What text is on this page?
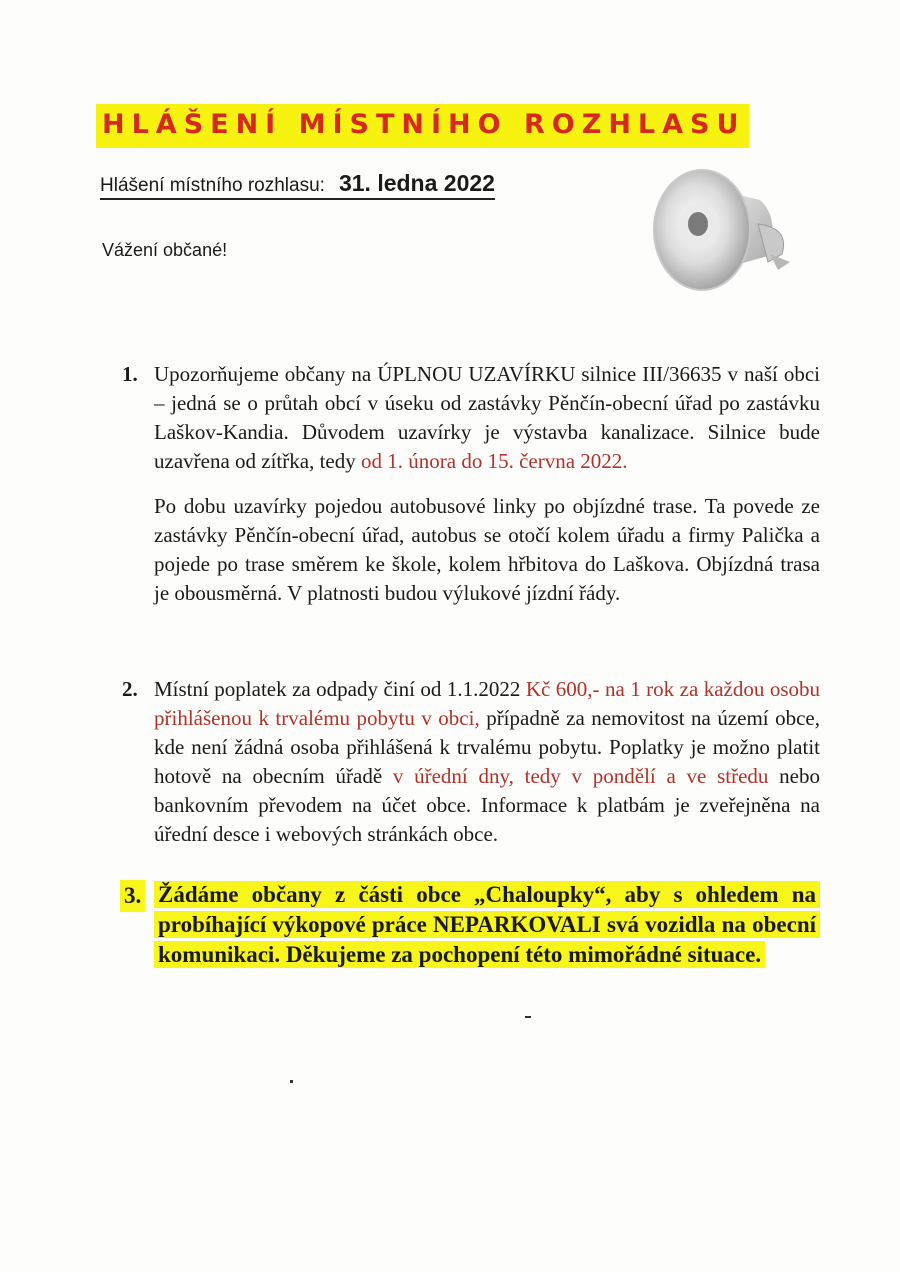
HLÁŠENÍ MÍSTNÍHO ROZHLASU
Hlášení místního rozhlasu: 31. ledna 2022
Vážení občané!
1. Upozorňujeme občany na ÚPLNOU UZAVÍRKU silnice III/36635 v naší obci – jedná se o průtah obcí v úseku od zastávky Pěnčín-obecní úřad po zastávku Laškov-Kandia. Důvodem uzavírky je výstavba kanalizace. Silnice bude uzavřena od zítřka, tedy od 1. února do 15. června 2022.

Po dobu uzavírky pojedou autobusové linky po objízdné trase. Ta povede ze zastávky Pěnčín-obecní úřad, autobus se otočí kolem úřadu a firmy Palička a pojede po trase směrem ke škole, kolem hřbitova do Laškova. Objízdná trasa je obousměrná. V platnosti budou výlukové jízdní řády.

2. Místní poplatek za odpady činí od 1.1.2022 Kč 600,- na 1 rok za každou osobu přihlášenou k trvalému pobytu v obci, případně za nemovitost na území obce, kde není žádná osoba přihlášená k trvalému pobytu. Poplatky je možno platit hotově na obecním úřadě v úřední dny, tedy v pondělí a ve středu nebo bankovním převodem na účet obce. Informace k platbám je zveřejněna na úřední desce i webových stránkách obce.

3. Žádáme občany z části obce „Chaloupky“, aby s ohledem na probíhající výkopové práce NEPARKOVALI svá vozidla na obecní komunikaci. Děkujeme za pochopení této mimořádné situace.
